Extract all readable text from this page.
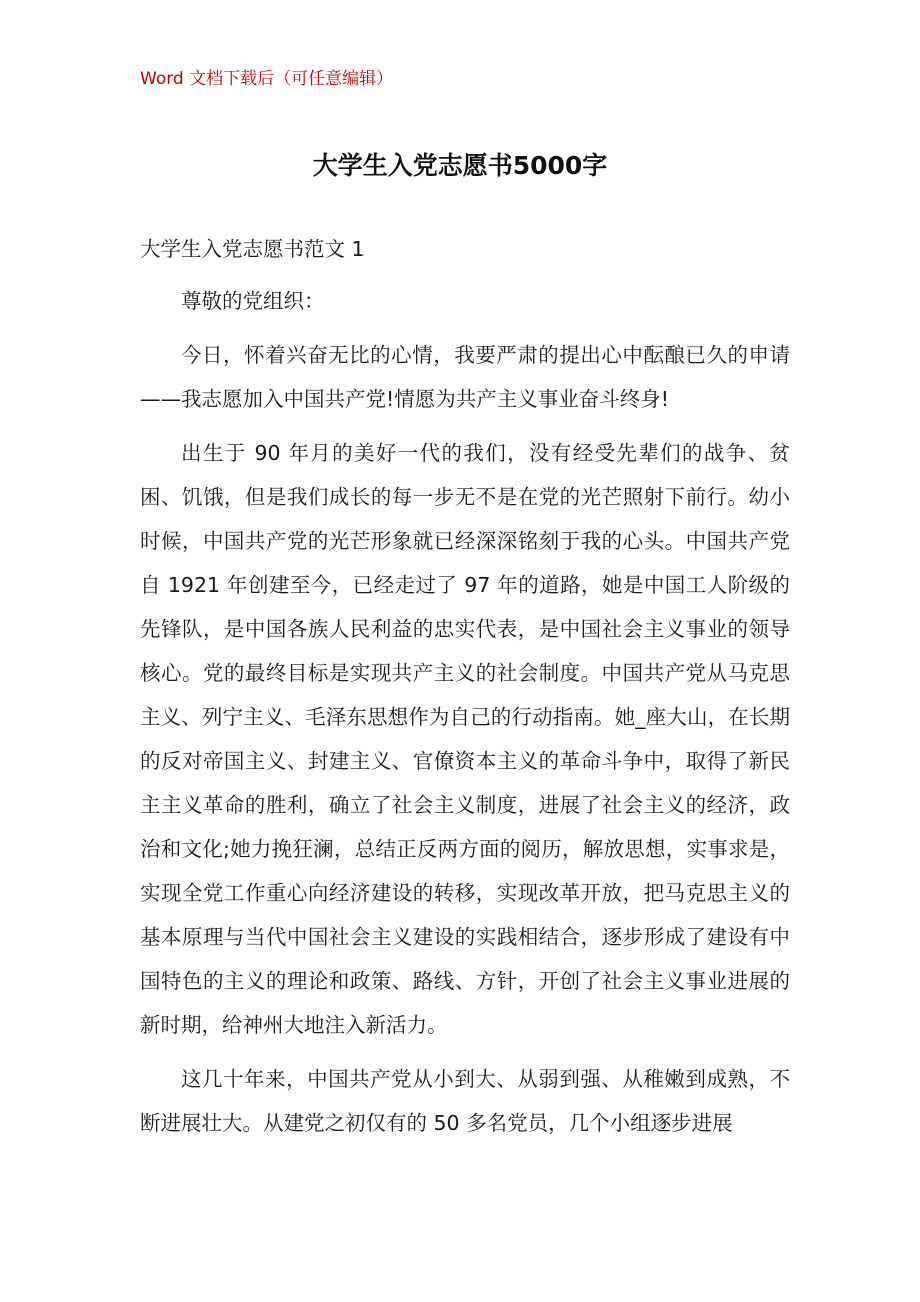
Word 文档下载后（可任意编辑）
大学生入党志愿书5000字

大学生入党志愿书范文 1

尊敬的党组织：

今日，怀着兴奋无比的心情，我要严肃的提出心中酝酿已久的申请——我志愿加入中国共产党!情愿为共产主义事业奋斗终身!

出生于 90 年月的美好一代的我们，没有经受先辈们的战争、贫困、饥饿，但是我们成长的每一步无不是在党的光芒照射下前行。幼小时候，中国共产党的光芒形象就已经深深铭刻于我的心头。中国共产党自 1921 年创建至今，已经走过了 97 年的道路，她是中国工人阶级的先锋队，是中国各族人民利益的忠实代表，是中国社会主义事业的领导核心。党的最终目标是实现共产主义的社会制度。中国共产党从马克思主义、列宁主义、毛泽东思想作为自己的行动指南。她_座大山，在长期的反对帝国主义、封建主义、官僚资本主义的革命斗争中，取得了新民主主义革命的胜利，确立了社会主义制度，进展了社会主义的经济，政治和文化;她力挽狂澜，总结正反两方面的阅历，解放思想，实事求是，实现全党工作重心向经济建设的转移，实现改革开放，把马克思主义的基本原理与当代中国社会主义建设的实践相结合，逐步形成了建设有中国特色的主义的理论和政策、路线、方针，开创了社会主义事业进展的新时期，给神州大地注入新活力。

这几十年来，中国共产党从小到大、从弱到强、从稚嫩到成熟，不断进展壮大。从建党之初仅有的 50 多名党员，几个小组逐步进展
